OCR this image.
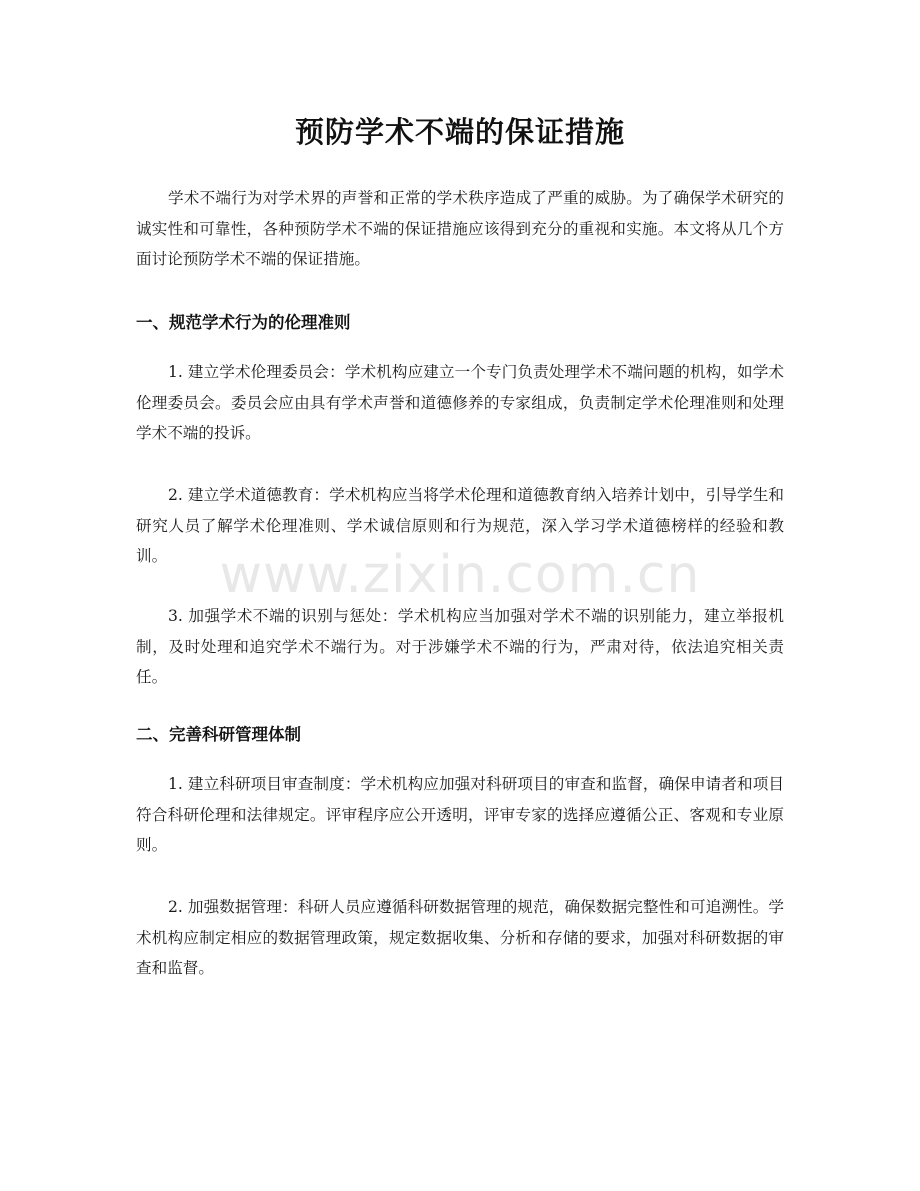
预防学术不端的保证措施

学术不端行为对学术界的声誉和正常的学术秩序造成了严重的威胁。为了确保学术研究的诚实性和可靠性，各种预防学术不端的保证措施应该得到充分的重视和实施。本文将从几个方面讨论预防学术不端的保证措施。

一、规范学术行为的伦理准则

1. 建立学术伦理委员会：学术机构应建立一个专门负责处理学术不端问题的机构，如学术伦理委员会。委员会应由具有学术声誉和道德修养的专家组成，负责制定学术伦理准则和处理学术不端的投诉。

2. 建立学术道德教育：学术机构应当将学术伦理和道德教育纳入培养计划中，引导学生和研究人员了解学术伦理准则、学术诚信原则和行为规范，深入学习学术道德榜样的经验和教训。

3. 加强学术不端的识别与惩处：学术机构应当加强对学术不端的识别能力，建立举报机制，及时处理和追究学术不端行为。对于涉嫌学术不端的行为，严肃对待，依法追究相关责任。

二、完善科研管理体制

1. 建立科研项目审查制度：学术机构应加强对科研项目的审查和监督，确保申请者和项目符合科研伦理和法律规定。评审程序应公开透明，评审专家的选择应遵循公正、客观和专业原则。

2. 加强数据管理：科研人员应遵循科研数据管理的规范，确保数据完整性和可追溯性。学术机构应制定相应的数据管理政策，规定数据收集、分析和存储的要求，加强对科研数据的审查和监督。

www.zixin.com.cn
